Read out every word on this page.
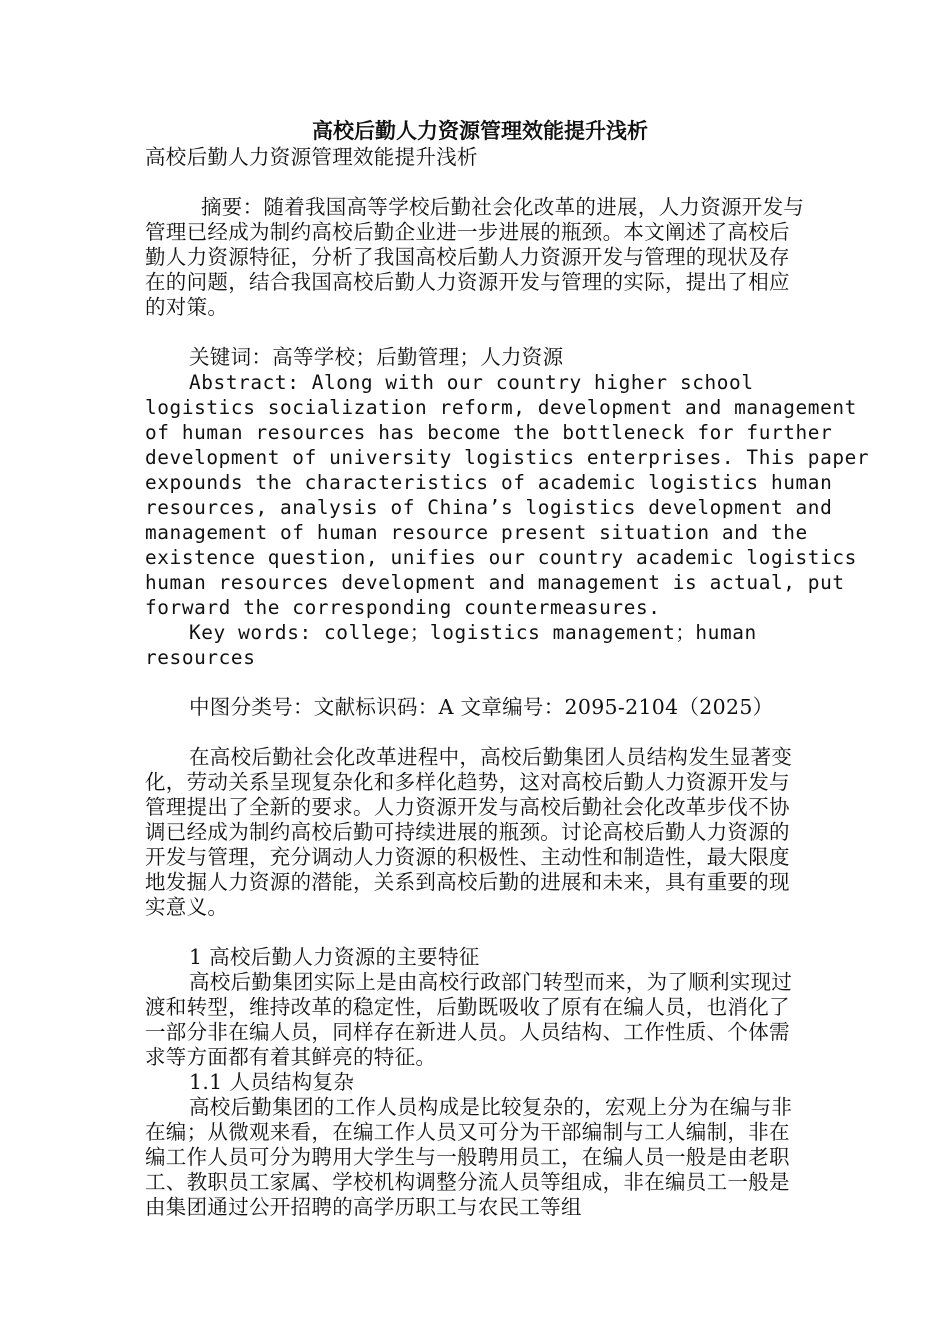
高校后勤人力资源管理效能提升浅析

高校后勤人力资源管理效能提升浅析

摘要：随着我国高等学校后勤社会化改革的进展，人力资源开发与管理已经成为制约高校后勤企业进一步进展的瓶颈。本文阐述了高校后勤人力资源特征，分析了我国高校后勤人力资源开发与管理的现状及存在的问题，结合我国高校后勤人力资源开发与管理的实际，提出了相应的对策。

关键词：高等学校；后勤管理；人力资源

Abstract: Along with our country higher school
logistics socialization reform, development and management
of human resources has become the bottleneck for further
development of university logistics enterprises. This paper
expounds the characteristics of academic logistics human
resources, analysis of China’s logistics development and
management of human resource present situation and the
existence question, unifies our country academic logistics
human resources development and management is actual, put
forward the corresponding countermeasures.
Key words: college；logistics management；human
resources

中图分类号：文献标识码：A 文章编号：2095-2104（2025）

在高校后勤社会化改革进程中，高校后勤集团人员结构发生显著变化，劳动关系呈现复杂化和多样化趋势，这对高校后勤人力资源开发与管理提出了全新的要求。人力资源开发与高校后勤社会化改革步伐不协调已经成为制约高校后勤可持续进展的瓶颈。讨论高校后勤人力资源的开发与管理，充分调动人力资源的积极性、主动性和制造性，最大限度地发掘人力资源的潜能，关系到高校后勤的进展和未来，具有重要的现实意义。

1 高校后勤人力资源的主要特征

高校后勤集团实际上是由高校行政部门转型而来，为了顺利实现过渡和转型，维持改革的稳定性，后勤既吸收了原有在编人员，也消化了一部分非在编人员，同样存在新进人员。人员结构、工作性质、个体需求等方面都有着其鲜亮的特征。

1.1 人员结构复杂

高校后勤集团的工作人员构成是比较复杂的，宏观上分为在编与非在编；从微观来看，在编工作人员又可分为干部编制与工人编制，非在编工作人员可分为聘用大学生与一般聘用员工，在编人员一般是由老职工、教职员工家属、学校机构调整分流人员等组成，非在编员工一般是由集团通过公开招聘的高学历职工与农民工等组
